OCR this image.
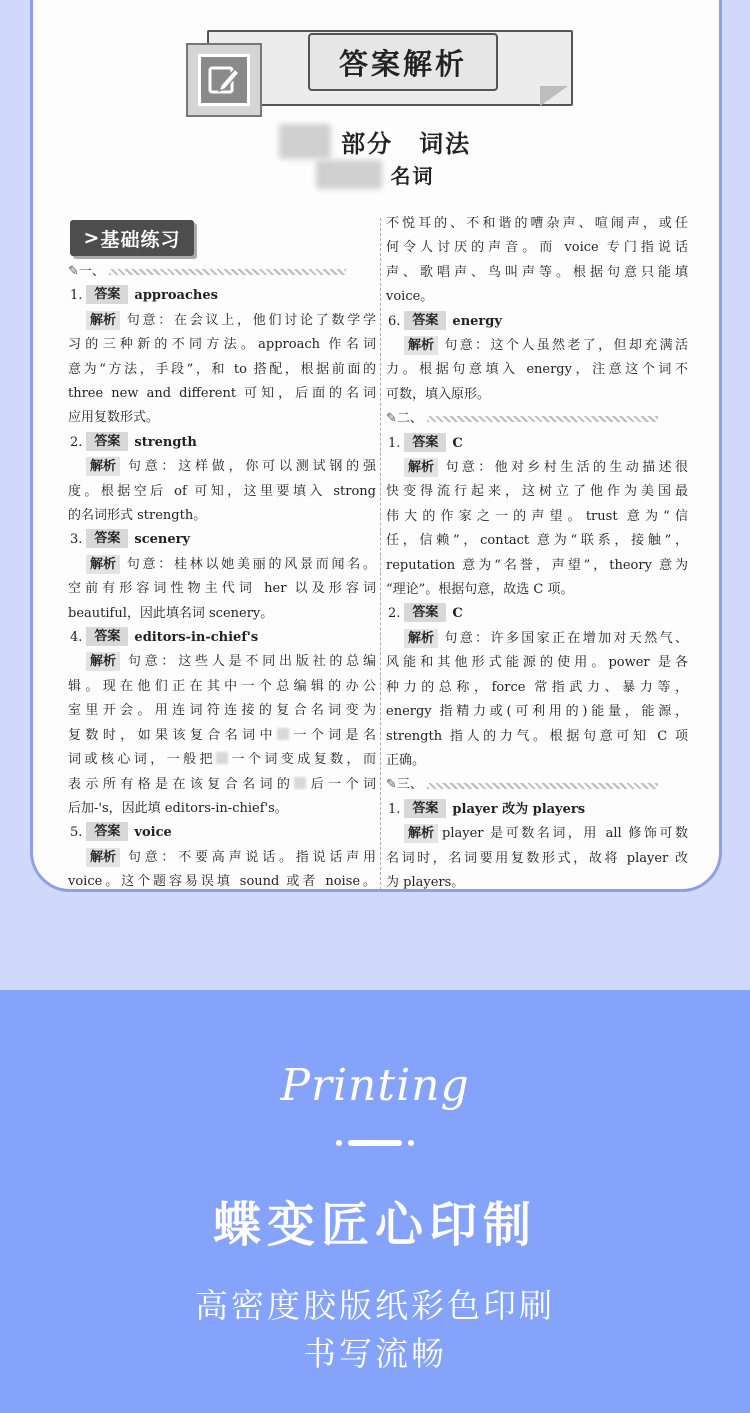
答案解析
部分　词法
名词
> 基础练习
✎ 一、
1. 答案 approaches
解析 句意：在会议上，他们讨论了数学学
习的三种新的不同方法。approach 作名词
意为“方法，手段”，和 to 搭配，根据前面的
three new and different 可知，后面的名词
应用复数形式。
2. 答案 strength
解析 句意：这样做，你可以测试钢的强
度。根据空后 of 可知，这里要填入 strong
的名词形式 strength。
3. 答案 scenery
解析 句意：桂林以她美丽的风景而闻名。
空前有形容词性物主代词 her 以及形容词
beautiful，因此填名词 scenery。
4. 答案 editors-in-chief's
解析 句意：这些人是不同出版社的总编
辑。现在他们正在其中一个总编辑的办公
室里开会。用连词符连接的复合名词变为
复数时，如果该复合名词中 一个词是名
词或核心词，一般把 一个词变成复数，而
表示所有格是在该复合名词的 后一个词
后加-'s，因此填 editors-in-chief's。
5. 答案 voice
解析 句意：不要高声说话。指说话声用
voice。这个题容易误填 sound 或者 noise。
不悦耳的、不和谐的嘈杂声、喧闹声，或任
何令人讨厌的声音。而 voice 专门指说话
声、歌唱声、鸟叫声等。根据句意只能填
voice。
6. 答案 energy
解析 句意：这个人虽然老了，但却充满活
力。根据句意填入 energy，注意这个词不
可数，填入原形。
✎ 二、
1. 答案 C
解析 句意：他对乡村生活的生动描述很
快变得流行起来，这树立了他作为美国最
伟大的作家之一的声望。trust 意为“信
任，信赖”，contact 意为“联系，接触”，
reputation 意为“名誉，声望”，theory 意为
“理论”。根据句意，故选 C 项。
2. 答案 C
解析 句意：许多国家正在增加对天然气、
风能和其他形式能源的使用。power 是各
种力的总称，force 常指武力、暴力等，
energy 指精力或(可利用的)能量，能源，
strength 指人的力气。根据句意可知 C 项
正确。
✎ 三、
1. 答案 player 改为 players
解析 player 是可数名词，用 all 修饰可数
名词时，名词要用复数形式，故将 player 改
为 players。
Printing
蝶变匠心印制
高密度胶版纸彩色印刷
书写流畅
